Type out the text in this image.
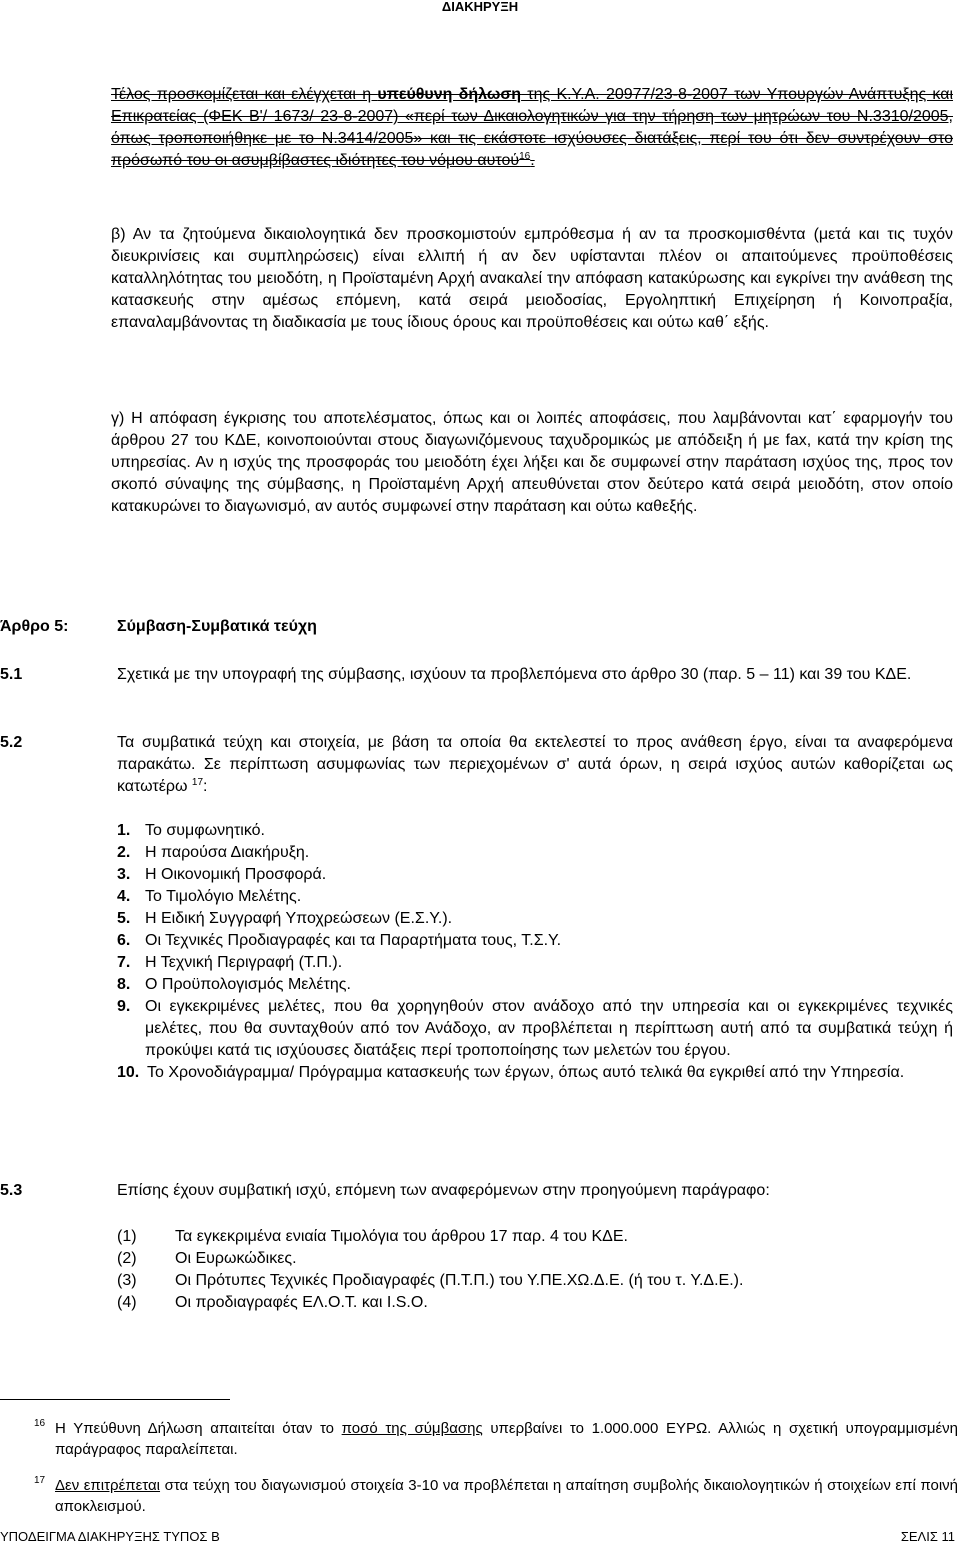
ΔΙΑΚΗΡΥΞΗ
Τέλος προσκομίζεται και ελέγχεται η υπεύθυνη δήλωση της Κ.Υ.Α. 20977/23-8-2007 των Υπουργών Ανάπτυξης και Επικρατείας (ΦΕΚ Β'/ 1673/ 23-8-2007) «περί των Δικαιολογητικών για την τήρηση των μητρώων του Ν.3310/2005, όπως τροποποιήθηκε με το Ν.3414/2005» και τις εκάστοτε ισχύουσες διατάξεις, περί του ότι δεν συντρέχουν στο πρόσωπό του οι ασυμβίβαστες ιδιότητες του νόμου αυτού$^{16}$.
β) Αν τα ζητούμενα δικαιολογητικά δεν προσκομιστούν εμπρόθεσμα ή αν τα προσκομισθέντα (μετά και τις τυχόν διευκρινίσεις και συμπληρώσεις) είναι ελλιπή ή αν δεν υφίστανται πλέον οι απαιτούμενες προϋποθέσεις καταλληλότητας του μειοδότη, η Προϊσταμένη Αρχή ανακαλεί την απόφαση κατακύρωσης και εγκρίνει την ανάθεση της κατασκευής στην αμέσως επόμενη, κατά σειρά μειοδοσίας, Εργοληπτική Επιχείρηση ή Κοινοπραξία, επαναλαμβάνοντας τη διαδικασία με τους ίδιους όρους και προϋποθέσεις και ούτω καθ΄ εξής.
γ) Η απόφαση έγκρισης του αποτελέσματος, όπως και οι λοιπές αποφάσεις, που λαμβάνονται κατ΄ εφαρμογήν του άρθρου 27 του ΚΔΕ, κοινοποιούνται στους διαγωνιζόμενους ταχυδρομικώς με απόδειξη ή με fax, κατά την κρίση της υπηρεσίας. Αν η ισχύς της προσφοράς του μειοδότη έχει λήξει και δε συμφωνεί στην παράταση ισχύος της, προς τον σκοπό σύναψης της σύμβασης, η Προϊσταμένη Αρχή απευθύνεται στον δεύτερο κατά σειρά μειοδότη, στον οποίο κατακυρώνει το διαγωνισμό, αν αυτός συμφωνεί στην παράταση και ούτω καθεξής.
Άρθρο 5:	Σύμβαση-Συμβατικά τεύχη
5.1	Σχετικά με την υπογραφή της σύμβασης, ισχύουν τα προβλεπόμενα στο άρθρο 30 (παρ. 5 – 11) και 39 του ΚΔΕ.
5.2	Τα συμβατικά τεύχη και στοιχεία, με βάση τα οποία θα εκτελεστεί το προς ανάθεση έργο, είναι τα αναφερόμενα παρακάτω. Σε περίπτωση ασυμφωνίας των περιεχομένων σ' αυτά όρων, η σειρά ισχύος αυτών καθορίζεται ως κατωτέρω $^{17}$:
1. Το συμφωνητικό.
2. Η παρούσα Διακήρυξη.
3. Η Οικονομική Προσφορά.
4. Το Τιμολόγιο Μελέτης.
5. Η Ειδική Συγγραφή Υποχρεώσεων (Ε.Σ.Υ.).
6. Οι Τεχνικές Προδιαγραφές και τα Παραρτήματα τους, Τ.Σ.Υ.
7. Η Τεχνική Περιγραφή (Τ.Π.).
8. Ο Προϋπολογισμός Μελέτης.
9. Οι εγκεκριμένες μελέτες, που θα χορηγηθούν στον ανάδοχο από την υπηρεσία και οι εγκεκριμένες τεχνικές μελέτες, που θα συνταχθούν από τον Ανάδοχο, αν προβλέπεται η περίπτωση αυτή από τα συμβατικά τεύχη ή προκύψει κατά τις ισχύουσες διατάξεις περί τροποποίησης των μελετών του έργου.
10. Το Χρονοδιάγραμμα/ Πρόγραμμα κατασκευής των έργων, όπως αυτό τελικά θα εγκριθεί από την Υπηρεσία.
5.3	Επίσης έχουν συμβατική ισχύ, επόμενη των αναφερόμενων στην προηγούμενη παράγραφο:
(1) Τα εγκεκριμένα ενιαία Τιμολόγια του άρθρου 17 παρ. 4 του ΚΔΕ.
(2) Οι Ευρωκώδικες.
(3) Οι Πρότυπες Τεχνικές Προδιαγραφές (Π.Τ.Π.) του Υ.ΠΕ.ΧΩ.Δ.Ε. (ή του τ. Υ.Δ.Ε.).
(4) Οι προδιαγραφές ΕΛ.Ο.Τ. και I.S.O.
16 Η Υπεύθυνη Δήλωση απαιτείται όταν το ποσό της σύμβασης υπερβαίνει το 1.000.000 ΕΥΡΩ. Αλλιώς η σχετική υπογραμμισμένη παράγραφος παραλείπεται.
17 Δεν επιτρέπεται στα τεύχη του διαγωνισμού στοιχεία 3-10 να προβλέπεται η απαίτηση συμβολής δικαιολογητικών ή στοιχείων επί ποινή αποκλεισμού.
ΥΠΟΔΕΙΓΜΑ ΔΙΑΚΗΡΥΞΗΣ ΤΥΠΟΣ Β	ΣΕΛΙΣ 11
